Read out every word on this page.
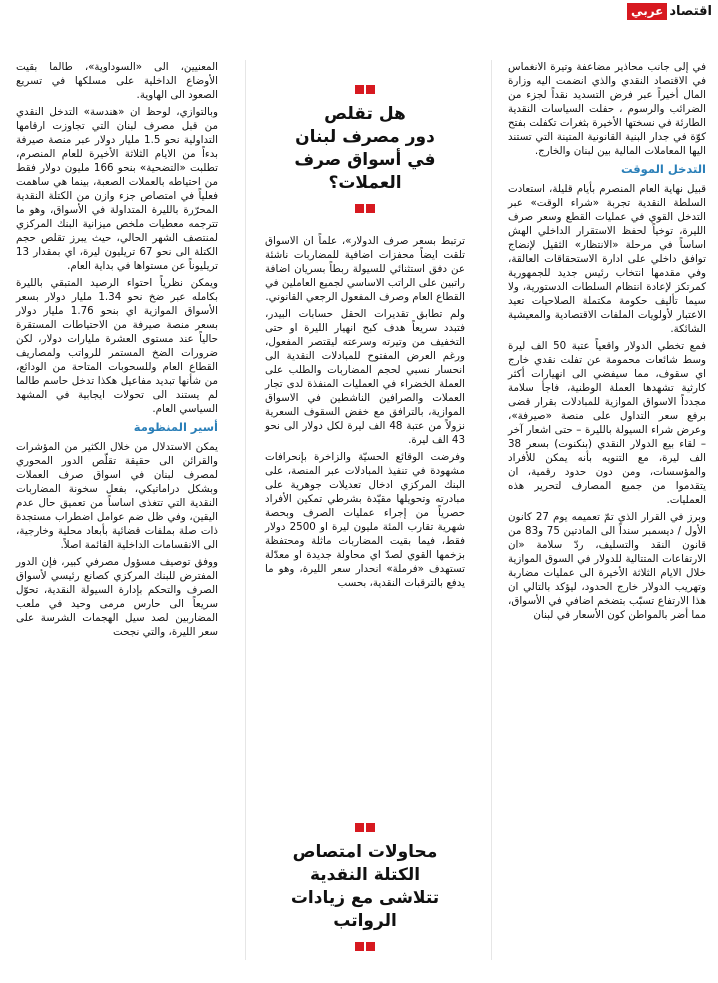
اقتصاد
عربي

في إلى جانب محاذير مضاعفة وتيرة الانغماس في الاقتصاد النقدي والذي انضمت اليه وزارة المال أخيراً عبر فرض التسديد نقداً لجزء من الضرائب والرسوم ، حفلت السياسات النقدية الطارئة في نسختها الأخيرة بثغرات تكفلت بفتح كوّة في جدار البنية القانونية المتينة التي تستند اليها المعاملات المالية بين لبنان والخارج.

التدخل الموقت

قبيل نهاية العام المنصرم بأيام قليلة، استعادت السلطة النقدية تجربة «شراء الوقت» عبر التدخل القوي في عمليات القطع وسعر صرف الليرة، توخياً لحفظ الاستقرار الداخلي الهش اساساً في مرحلة «الانتظار» الثقيل لإنضاج توافق داخلي على ادارة الاستحقاقات العالقة، وفي مقدمها انتخاب رئيس جديد للجمهورية كمرتكز لإعادة انتظام السلطات الدستورية، ولا سيما تأليف حكومة مكتملة الصلاحيات تعيد الاعتبار لأولويات الملفات الاقتصادية والمعيشية الشائكة.

فمع تخطي الدولار واقعياً عتبة 50 الف ليرة وسط شائعات محمومة عن تفلت نقدي خارج اي سقوف، مما سيفضي الى انهيارات أكثر كارثية تشهدها العملة الوطنية، فاجأ سلامة مجدداً الاسواق الموازية للمبادلات بقرار قضى برفع سعر التداول على منصة «صيرفة»، وعرض شراء السيولة بالليرة – حتى اشعار آخر – لقاء بيع الدولار النقدي (بنكنوت) بسعر 38 الف ليرة، مع التنويه بأنه يمكن للأفراد والمؤسسات، ومن دون حدود رقمية، ان يتقدموا من جميع المصارف لتحرير هذه العمليات.

وبرز في القرار الذي تمّ تعميمه يوم 27 كانون الأول / ديسمبر سنداً الى المادتين 75 و83 من قانون النقد والتسليف، ردّ سلامة «ان الارتفاعات المتتالية للدولار في السوق الموازية خلال الايام الثلاثة الأخيرة الى عمليات مضاربة وتهريب الدولار خارج الحدود، ليؤكد بالتالي ان هذا الارتفاع تسبّب بتضخم اضافي في الأسواق، مما أضر بالمواطن كون الأسعار في لبنان

هل تقلص
دور مصرف لبنان
في أسواق صرف العملات؟

ترتبط بسعر صرف الدولار»، علماً ان الاسواق تلقت ايضاً محفزات اضافية للمضاربات ناشئة عن دفق استثنائي للسيولة ربطاً بسريان اضافة راتبين على الراتب الاساسي لجميع العاملين في القطاع العام وصرف المفعول الرجعي القانوني.

ولم تطابق تقديرات الحقل حسابات البيدر، فتبدد سريعاً هدف كبح انهيار الليرة او حتى التخفيف من وتيرته وسرعته ليقتصر المفعول، ورغم العرض المفتوح للمبادلات النقدية الى انحسار نسبي لحجم المضاربات والطلب على العملة الخضراء في العمليات المنفذة لدى تجار العملات والصرافين الناشطين في الاسواق الموازية، بالترافق مع خفض السقوف السعرية نزولاً من عتبة 48 الف ليرة لكل دولار الى نحو 43 الف ليرة.

وفرضت الوقائع الحسيّة والزاخرة بإنحرافات مشهودة في تنفيذ المبادلات عبر المنصة، على البنك المركزي ادخال تعديلات جوهرية على مبادرته وتحويلها مقيّدة بشرطي تمكين الأفراد حصرياً من إجراء عمليات الصرف وبحصة شهرية تقارب المئة مليون ليرة او 2500 دولار فقط، فيما بقيت المضاربات ماثلة ومحتفظة بزخمها القوي لصدّ اي محاولة جديدة او معدّلة تستهدف «فرملة» انحدار سعر الليرة، وهو ما يدفع بالترقبات النقدية، بحسب

محاولات امتصاص
الكتلة النقدية
تتلاشى مع زيادات الرواتب

المعنيين، الى «السوداوية»، طالما بقيت الأوضاع الداخلية على مسلكها في تسريع الصعود الى الهاوية.

وبالتوازي، لوحظ ان «هندسة» التدخل النقدي من قبل مصرف لبنان التي تجاوزت ارقامها التداولية نحو 1.5 مليار دولار عبر منصة صيرفة بدءاً من الايام الثلاثة الأخيرة للعام المنصرم، تطلبت «التضحية» بنحو 166 مليون دولار فقط من احتياطه بالعملات الصعبة، بينما هي ساهمت فعلياً في امتصاص جزء وازن من الكتلة النقدية المحرّرة بالليرة المتداولة في الأسواق، وهو ما تترجمه معطيات ملخص ميزانية البنك المركزي لمنتصف الشهر الحالي، حيث يبرز تقلص حجم الكتلة الى نحو 67 تريليون ليرة، اي بمقدار 13 تريليوناً عن مستواها في بداية العام.

ويمكن نظرياً احتواء الرصيد المتبقي بالليرة بكامله عبر ضخ نحو 1.34 مليار دولار بسعر الأسواق الموازية اي بنحو 1.76 مليار دولار بسعر منصة صيرفة من الاحتياطات المستقرة حالياً عند مستوى العشرة مليارات دولار، لكن ضرورات الضخ المستمر للرواتب ولمصاريف القطاع العام وللسحوبات المتاحة من الودائع، من شأنها تبديد مفاعيل هكذا تدخل حاسم طالما لم يستند الى تحولات ايجابية في المشهد السياسي العام.

أسير المنظومة

يمكن الاستدلال من خلال الكثير من المؤشرات والقرائن الى حقيقة تقلّص الدور المحوري لمصرف لبنان في اسواق صرف العملات وبشكل دراماتيكي، بفعل سخونة المضاربات النقدية التي تتغذى اساساً من تعميق حال عدم اليقين، وفي ظل ضم عوامل اضطراب مستجدة ذات صلة بملفات قضائية بأبعاد محلية وخارجية، الى الانقسامات الداخلية القائمة اصلاً.

ووفق توصيف مسؤول مصرفي كبير، فإن الدور المفترض للبنك المركزي كصانع رئيسي لأسواق الصرف والتحكم بإدارة السيولة النقدية، تحوّل سريعاً الى حارس مرمى وحيد في ملعب المضاربين لصد سيل الهجمات الشرسة على سعر الليرة، والتي نجحت
